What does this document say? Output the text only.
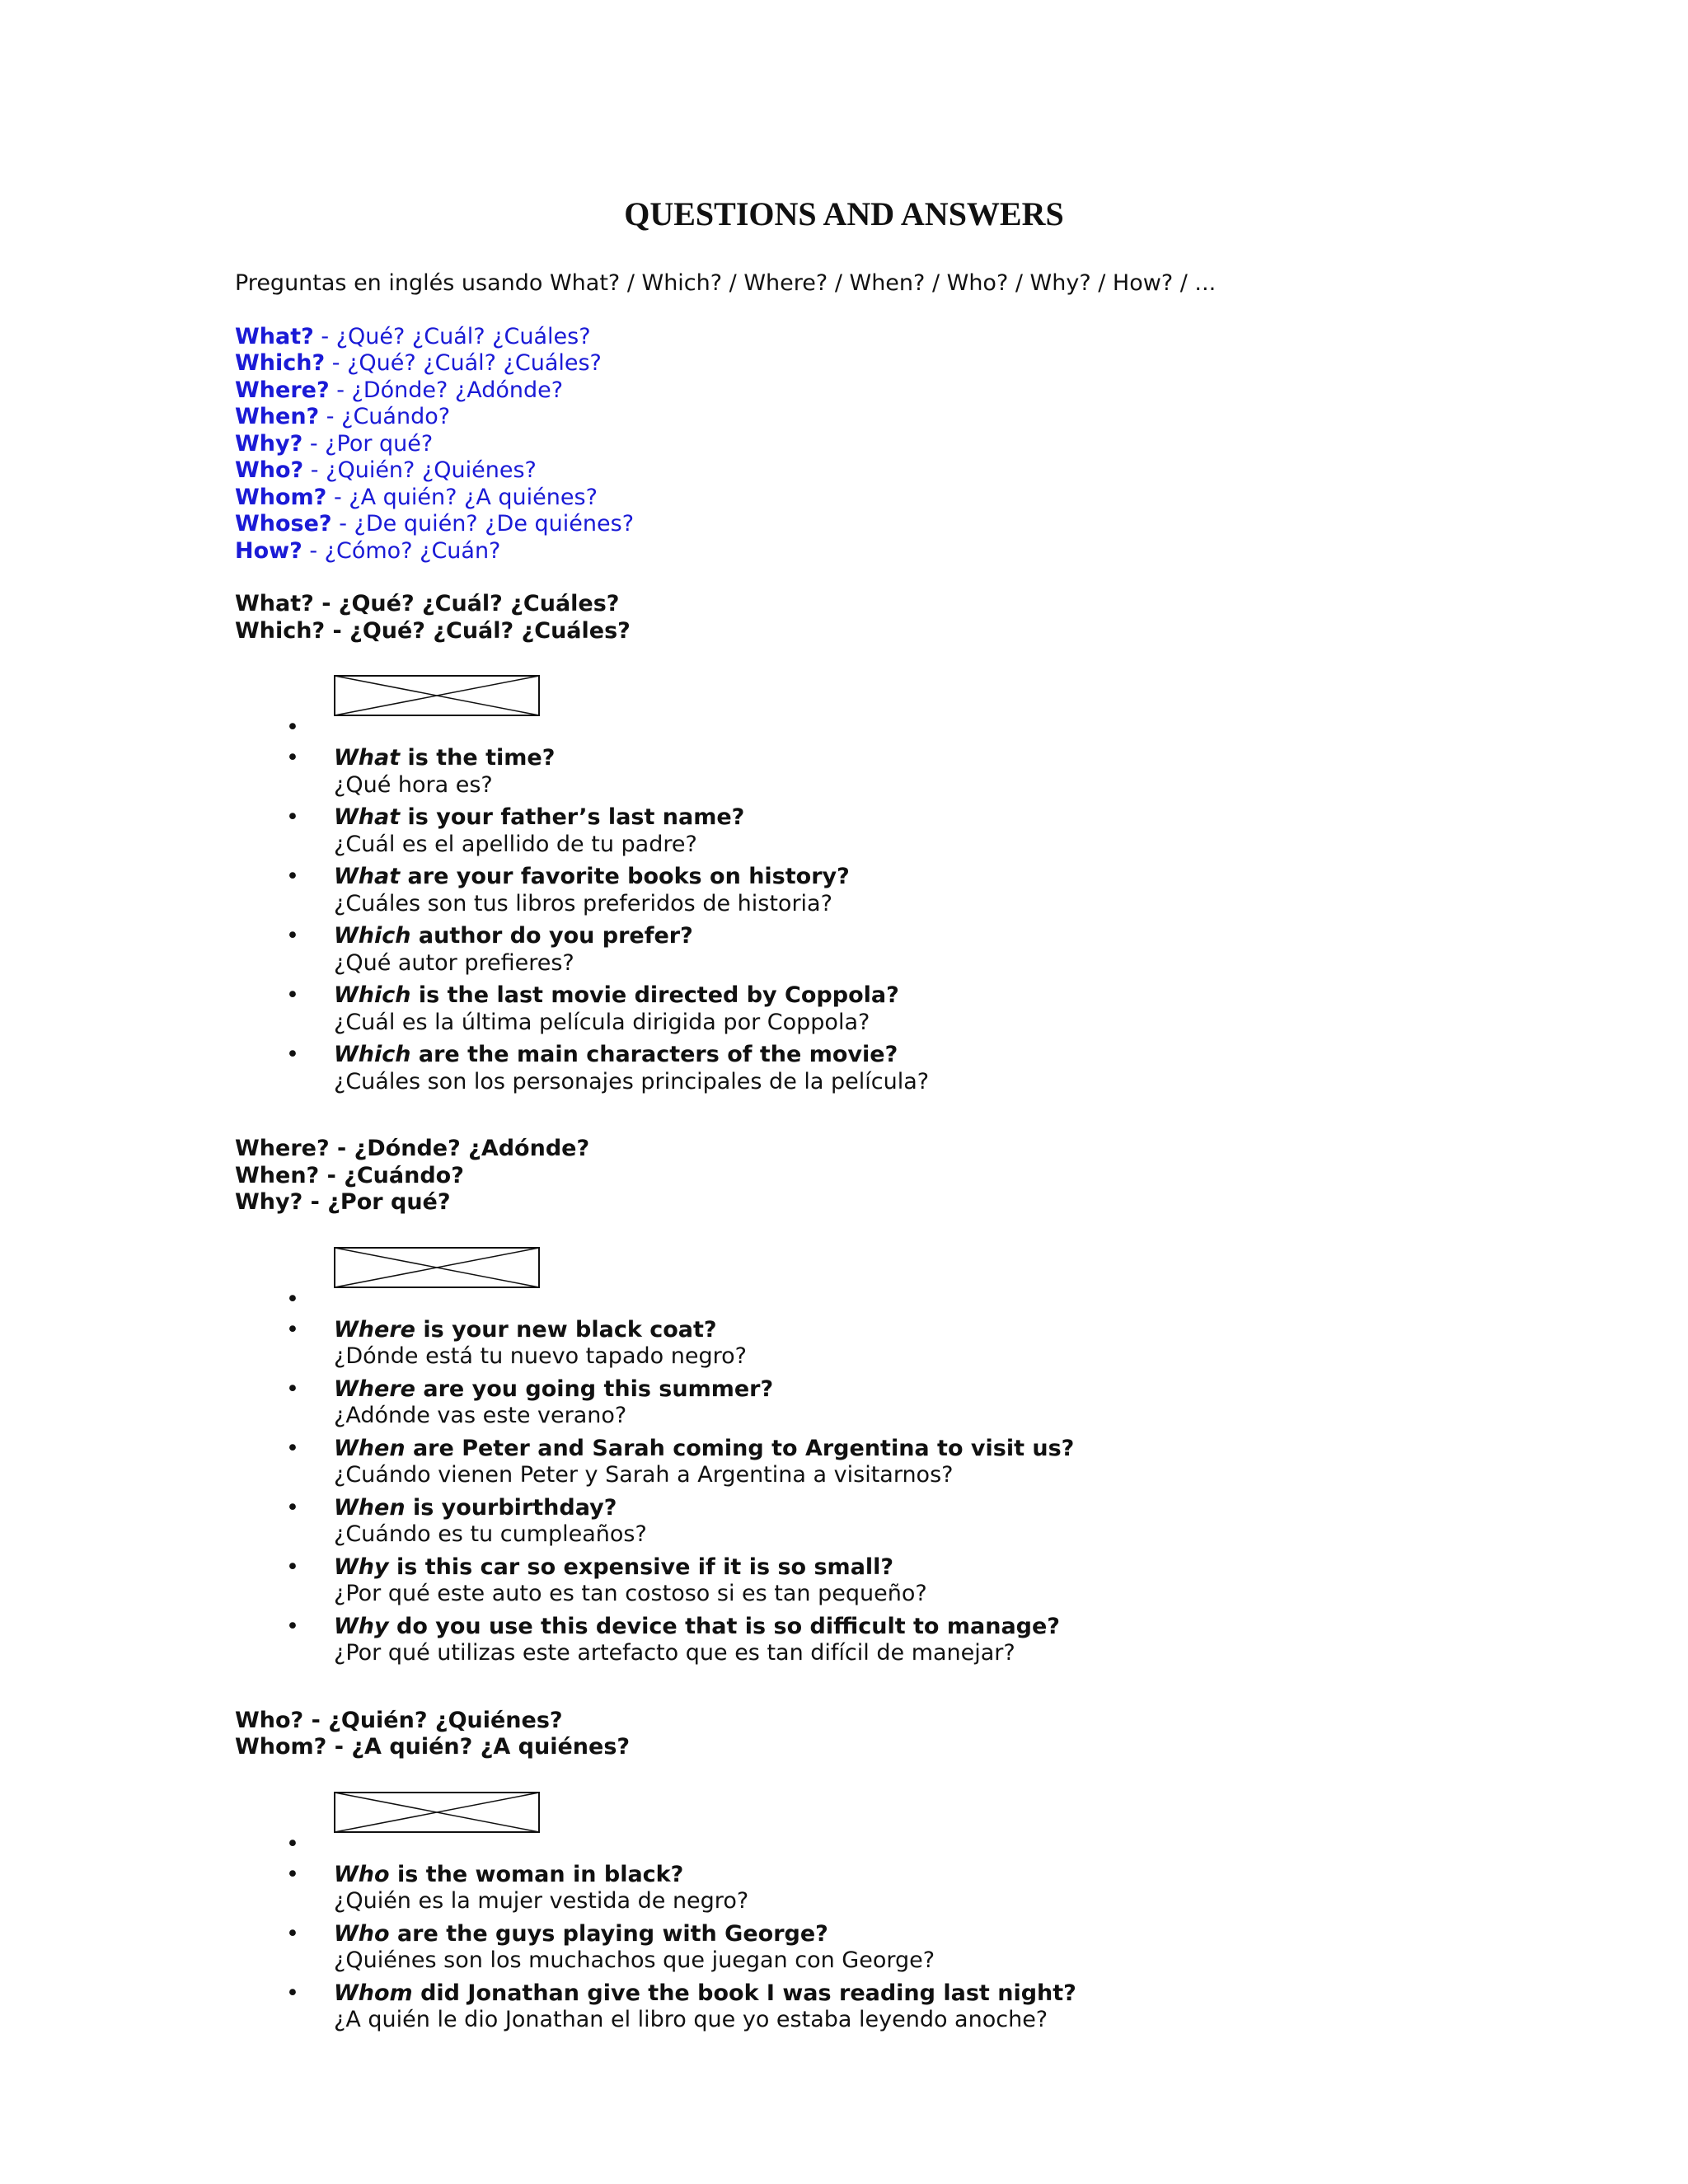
QUESTIONS AND ANSWERS

Preguntas en inglés usando What? / Which? / Where? / When? / Who? / Why? / How? / ...

What? - ¿Qué? ¿Cuál? ¿Cuáles?
Which? - ¿Qué? ¿Cuál? ¿Cuáles?
Where? - ¿Dónde? ¿Adónde?
When? - ¿Cuándo?
Why? - ¿Por qué?
Who? - ¿Quién? ¿Quiénes?
Whom? - ¿A quién? ¿A quiénes?
Whose? - ¿De quién? ¿De quiénes?
How? - ¿Cómo? ¿Cuán?
What? - ¿Qué? ¿Cuál? ¿Cuáles?
Which? - ¿Qué? ¿Cuál? ¿Cuáles?
•
• What is the time?
¿Qué hora es?
• What is your father’s last name?
¿Cuál es el apellido de tu padre?
• What are your favorite books on history?
¿Cuáles son tus libros preferidos de historia?
• Which author do you prefer?
¿Qué autor prefieres?
• Which is the last movie directed by Coppola?
¿Cuál es la última película dirigida por Coppola?
• Which are the main characters of the movie?
¿Cuáles son los personajes principales de la película?
Where? - ¿Dónde? ¿Adónde?
When? - ¿Cuándo?
Why? - ¿Por qué?
•
• Where is your new black coat?
¿Dónde está tu nuevo tapado negro?
• Where are you going this summer?
¿Adónde vas este verano?
• When are Peter and Sarah coming to Argentina to visit us?
¿Cuándo vienen Peter y Sarah a Argentina a visitarnos?
• When is yourbirthday?
¿Cuándo es tu cumpleaños?
• Why is this car so expensive if it is so small?
¿Por qué este auto es tan costoso si es tan pequeño?
• Why do you use this device that is so difficult to manage?
¿Por qué utilizas este artefacto que es tan difícil de manejar?
Who? - ¿Quién? ¿Quiénes?
Whom? - ¿A quién? ¿A quiénes?
•
• Who is the woman in black?
¿Quién es la mujer vestida de negro?
• Who are the guys playing with George?
¿Quiénes son los muchachos que juegan con George?
• Whom did Jonathan give the book I was reading last night?
¿A quién le dio Jonathan el libro que yo estaba leyendo anoche?
